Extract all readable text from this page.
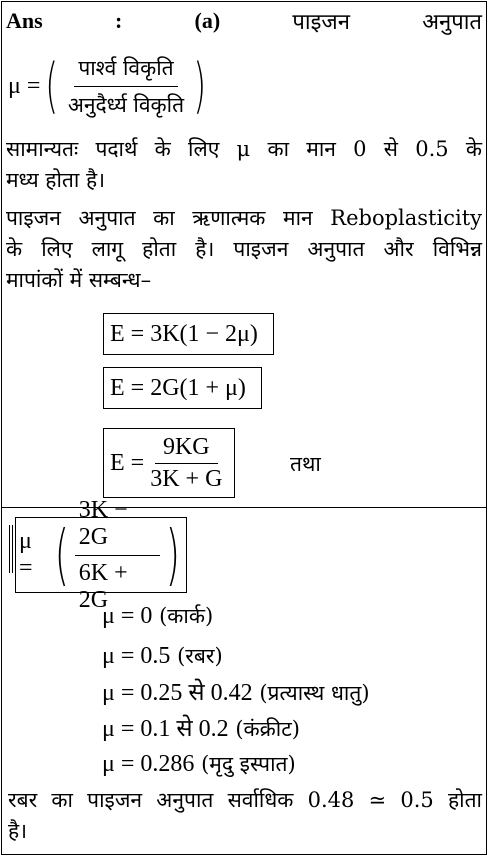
Ans	:	(a)	पाइजन	अनुपात
μ = ( $\frac{\text{पार्श्व विकृति}}{\text{अनुदैर्ध्य विकृति}}$ )
सामान्यतः पदार्थ के लिए μ का मान 0 से 0.5 के
मध्य होता है।
पाइजन अनुपात का ऋणात्मक मान Reboplasticity
के लिए लागू होता है। पाइजन अनुपात और विभिन्न
मापांकों में सम्बन्ध–
E = 3K(1 − 2μ)
E = 2G(1 + μ)
$E = \frac{9KG}{3K + G}$	तथा
μ = ( $\frac{3K - 2G}{6K + 2G}$ )
μ = 0 (कार्क)
μ = 0.5 (रबर)
μ = 0.25 से 0.42 (प्रत्यास्थ धातु)
μ = 0.1 से 0.2 (कंक्रीट)
μ = 0.286 (मृदु इस्पात)
रबर का पाइजन अनुपात सर्वाधिक 0.48 ≃ 0.5 होता
है।
